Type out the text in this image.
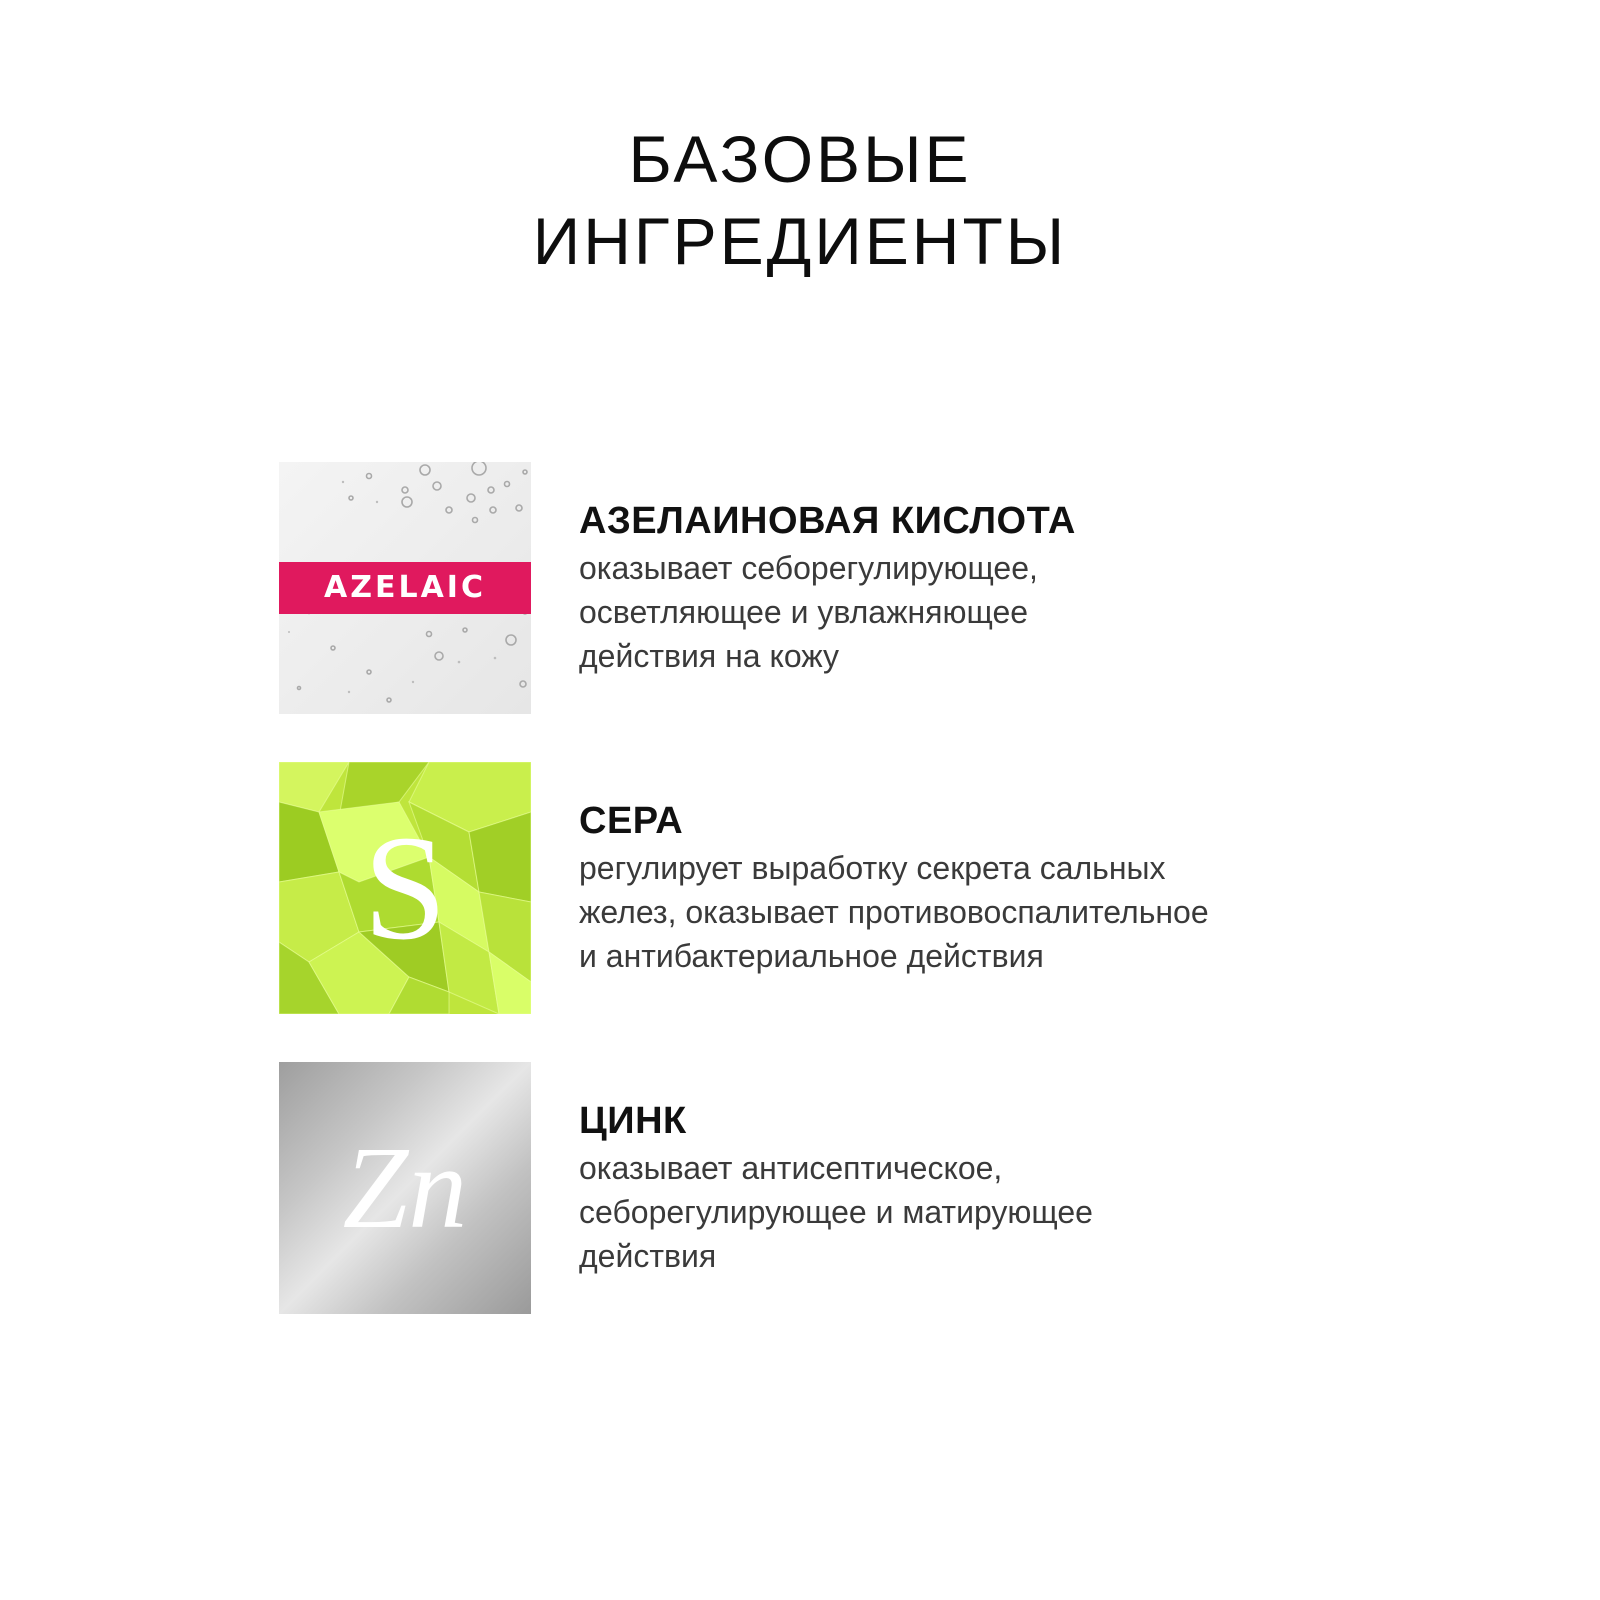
БАЗОВЫЕ
ИНГРЕДИЕНТЫ
AZELAIC

АЗЕЛАИНОВАЯ КИСЛОТА

оказывает себорегулирующее,
осветляющее и увлажняющее
действия на кожу

S	СЕРА

регулирует выработку секрета сальных
желез, оказывает противовоспалительное
и антибактериальное действия

Zn

ЦИНК

оказывает антисептическое,
себорегулирующее и матирующее
действия
